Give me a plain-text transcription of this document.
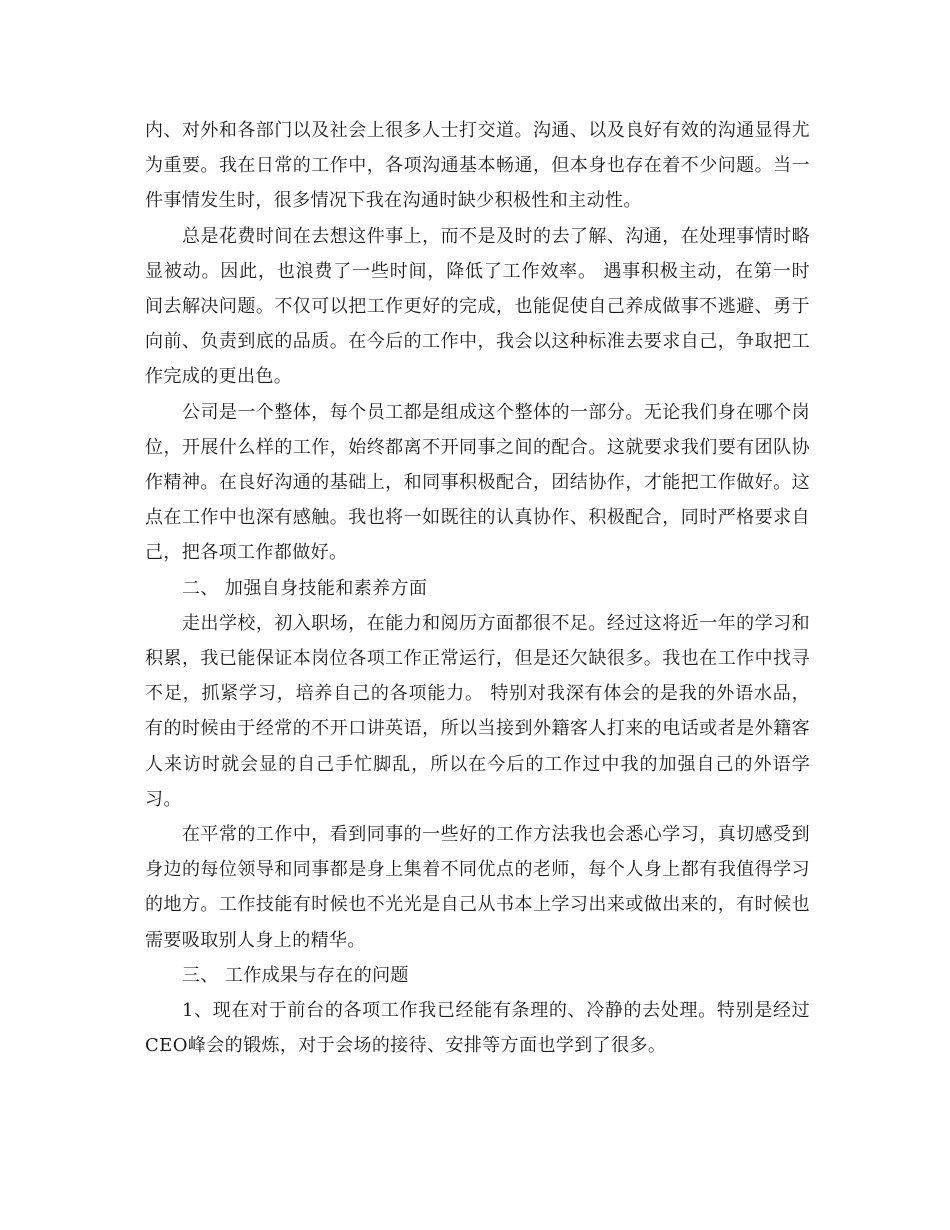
内、对外和各部门以及社会上很多人士打交道。沟通、以及良好有效的沟通显得尤为重要。我在日常的工作中，各项沟通基本畅通，但本身也存在着不少问题。当一件事情发生时，很多情况下我在沟通时缺少积极性和主动性。

总是花费时间在去想这件事上，而不是及时的去了解、沟通，在处理事情时略显被动。因此，也浪费了一些时间，降低了工作效率。 遇事积极主动，在第一时间去解决问题。不仅可以把工作更好的完成，也能促使自己养成做事不逃避、勇于向前、负责到底的品质。在今后的工作中，我会以这种标准去要求自己，争取把工作完成的更出色。

公司是一个整体，每个员工都是组成这个整体的一部分。无论我们身在哪个岗位，开展什么样的工作，始终都离不开同事之间的配合。这就要求我们要有团队协作精神。在良好沟通的基础上，和同事积极配合，团结协作，才能把工作做好。这点在工作中也深有感触。我也将一如既往的认真协作、积极配合，同时严格要求自己，把各项工作都做好。

二、 加强自身技能和素养方面

走出学校，初入职场，在能力和阅历方面都很不足。经过这将近一年的学习和积累，我已能保证本岗位各项工作正常运行，但是还欠缺很多。我也在工作中找寻不足，抓紧学习，培养自己的各项能力。 特别对我深有体会的是我的外语水品，有的时候由于经常的不开口讲英语，所以当接到外籍客人打来的电话或者是外籍客人来访时就会显的自己手忙脚乱，所以在今后的工作过中我的加强自己的外语学习。

在平常的工作中，看到同事的一些好的工作方法我也会悉心学习，真切感受到身边的每位领导和同事都是身上集着不同优点的老师，每个人身上都有我值得学习的地方。工作技能有时候也不光光是自己从书本上学习出来或做出来的，有时候也需要吸取别人身上的精华。

三、 工作成果与存在的问题

1、现在对于前台的各项工作我已经能有条理的、冷静的去处理。特别是经过CEO峰会的锻炼，对于会场的接待、安排等方面也学到了很多。
